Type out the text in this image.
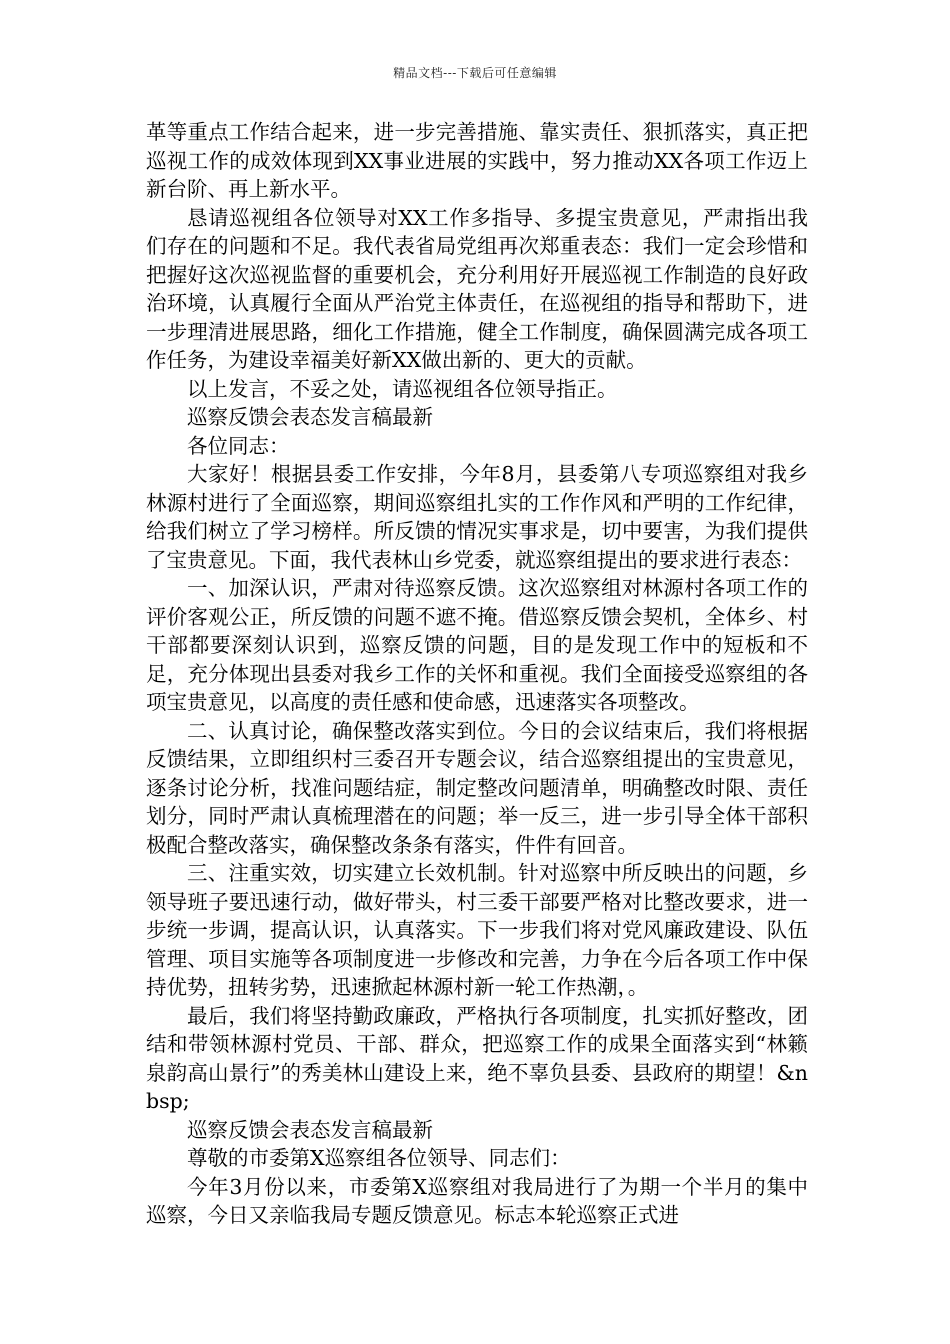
精品文档---下载后可任意编辑

革等重点工作结合起来，进一步完善措施、靠实责任、狠抓落实，真正把巡视工作的成效体现到XX事业进展的实践中，努力推动XX各项工作迈上新台阶、再上新水平。

恳请巡视组各位领导对XX工作多指导、多提宝贵意见，严肃指出我们存在的问题和不足。我代表省局党组再次郑重表态：我们一定会珍惜和把握好这次巡视监督的重要机会，充分利用好开展巡视工作制造的良好政治环境，认真履行全面从严治党主体责任，在巡视组的指导和帮助下，进一步理清进展思路，细化工作措施，健全工作制度，确保圆满完成各项工作任务，为建设幸福美好新XX做出新的、更大的贡献。

以上发言，不妥之处，请巡视组各位领导指正。

巡察反馈会表态发言稿最新

各位同志：

大家好！根据县委工作安排，今年8月，县委第八专项巡察组对我乡林源村进行了全面巡察，期间巡察组扎实的工作作风和严明的工作纪律，给我们树立了学习榜样。所反馈的情况实事求是，切中要害，为我们提供了宝贵意见。下面，我代表林山乡党委，就巡察组提出的要求进行表态：

一、加深认识，严肃对待巡察反馈。这次巡察组对林源村各项工作的评价客观公正，所反馈的问题不遮不掩。借巡察反馈会契机，全体乡、村干部都要深刻认识到，巡察反馈的问题，目的是发现工作中的短板和不足，充分体现出县委对我乡工作的关怀和重视。我们全面接受巡察组的各项宝贵意见，以高度的责任感和使命感，迅速落实各项整改。

二、认真讨论，确保整改落实到位。今日的会议结束后，我们将根据反馈结果，立即组织村三委召开专题会议，结合巡察组提出的宝贵意见，逐条讨论分析，找准问题结症，制定整改问题清单，明确整改时限、责任划分，同时严肃认真梳理潜在的问题；举一反三，进一步引导全体干部积极配合整改落实，确保整改条条有落实，件件有回音。

三、注重实效，切实建立长效机制。针对巡察中所反映出的问题，乡领导班子要迅速行动，做好带头，村三委干部要严格对比整改要求，进一步统一步调，提高认识，认真落实。下一步我们将对党风廉政建设、队伍管理、项目实施等各项制度进一步修改和完善，力争在今后各项工作中保持优势，扭转劣势，迅速掀起林源村新一轮工作热潮，。

最后，我们将坚持勤政廉政，严格执行各项制度，扎实抓好整改，团结和带领林源村党员、干部、群众，把巡察工作的成果全面落实到“林籁泉韵高山景行”的秀美林山建设上来，绝不辜负县委、县政府的期望！&nbsp;

巡察反馈会表态发言稿最新

尊敬的市委第X巡察组各位领导、同志们：

今年3月份以来，市委第X巡察组对我局进行了为期一个半月的集中巡察，今日又亲临我局专题反馈意见。标志本轮巡察正式进
